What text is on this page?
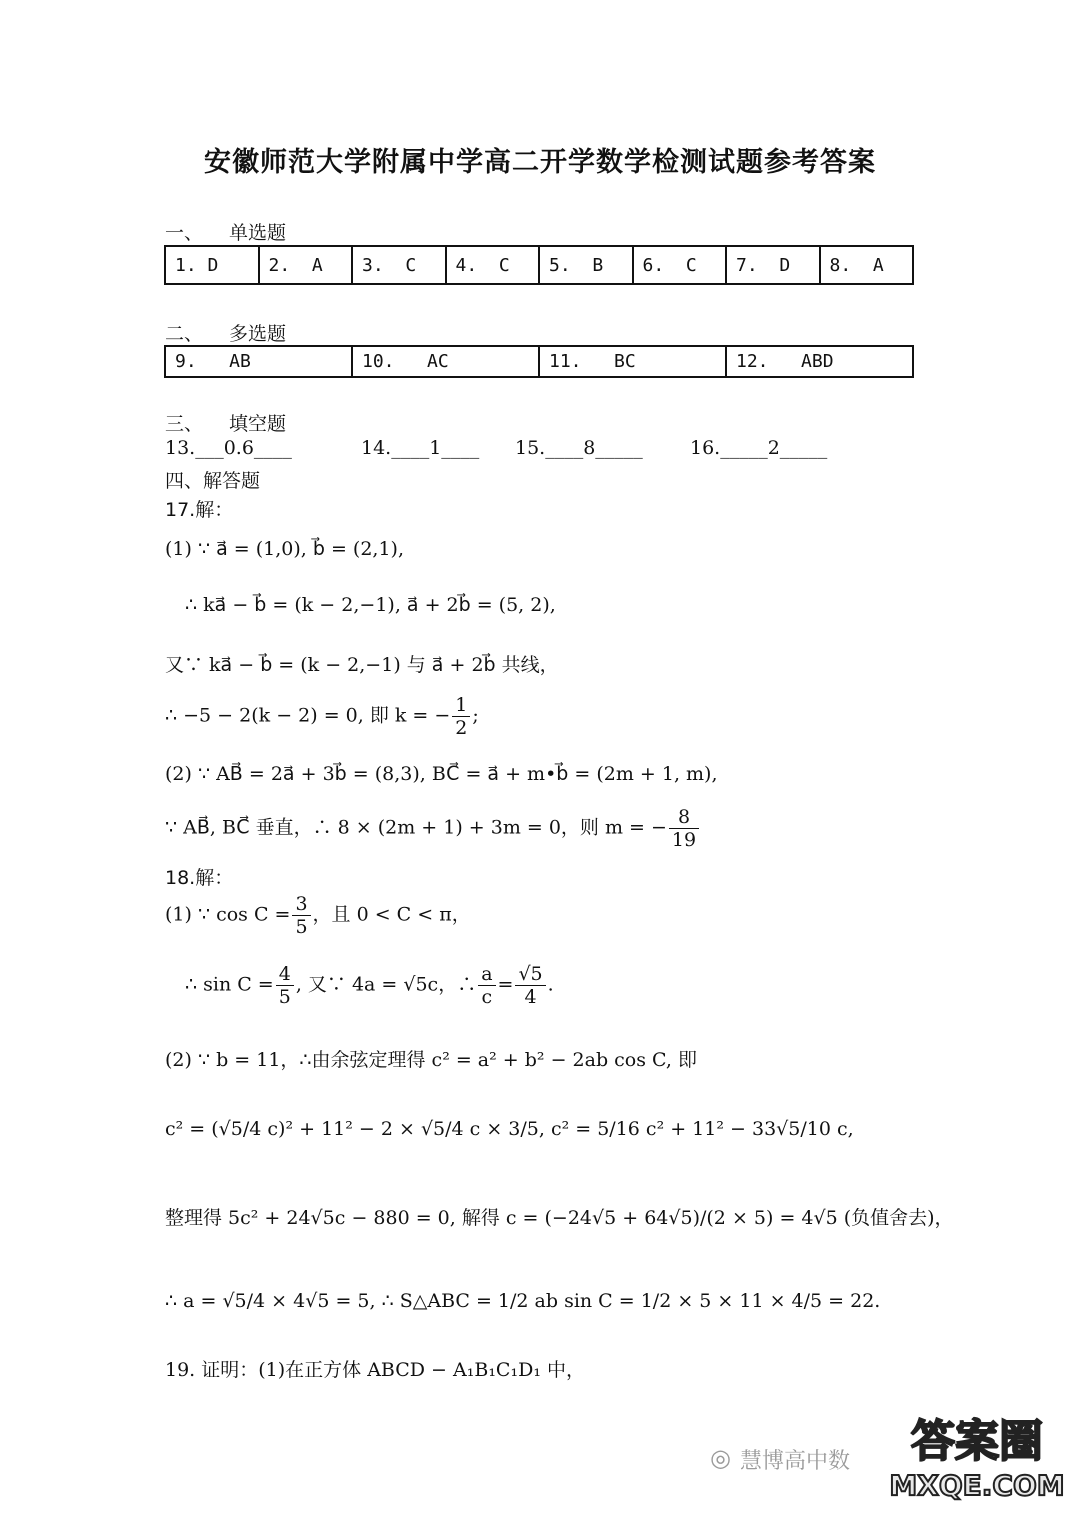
安徽师范大学附属中学高二开学数学检测试题参考答案
一、 单选题
1. D	2.  A	3.  C	4.  C	5.  B	6.  C	7.  D	8.  A
二、 多选题
9.   AB	10.   AC	11.   BC	12.   ABD
三、 填空题

13.___0.6____

	14.____1____

15.____8_____

16._____2_____

四、解答题
17.解：
(1) ∵ a⃗ = (1,0), b⃗ = (2,1),
∴ ka⃗ − b⃗ = (k − 2,−1), a⃗ + 2b⃗ = (5, 2),
又∵ ka⃗ − b⃗ = (k − 2,−1) 与 a⃗ + 2b⃗ 共线，
∴ −5 − 2(k − 2) = 0, 即 k = − $\frac{1}{2}$ ;
(2) ∵ AB⃗ = 2a⃗ + 3b⃗ = (8,3), BC⃗ = a⃗ + m•b⃗ = (2m + 1, m),
∵ AB⃗, BC⃗ 垂直，∴ 8 × (2m + 1) + 3m = 0，则 m = − $\frac{8}{19}$
18.解：
(1) ∵ $\cos C = \frac{3}{5}$ ，且 0 < C < π，
∴ $\sin C = \frac{4}{5}$ , 又∵ 4a = √5c，∴ $\frac{a}{c} = \frac{√5}{4}$ .
(2) ∵ b = 11，∴由余弦定理得 c² = a² + b² − 2ab cos C, 即
c² = (√5/4 c)² + 11² − 2 × √5/4 c × 3/5, c² = 5/16 c² + 11² − 33√5/10 c,
整理得 5c² + 24√5c − 880 = 0, 解得 c = (−24√5 + 64√5)/(2 × 5) = 4√5 (负值舍去)，
∴ a = √5/4 × 4√5 = 5, ∴ S△ABC = 1/2 ab sin C = 1/2 × 5 × 11 × 4/5 = 22.
19. 证明：(1)在正方体 ABCD − A₁B₁C₁D₁ 中，
◎ 慧博高中数	答案圈
MXQE.COM
